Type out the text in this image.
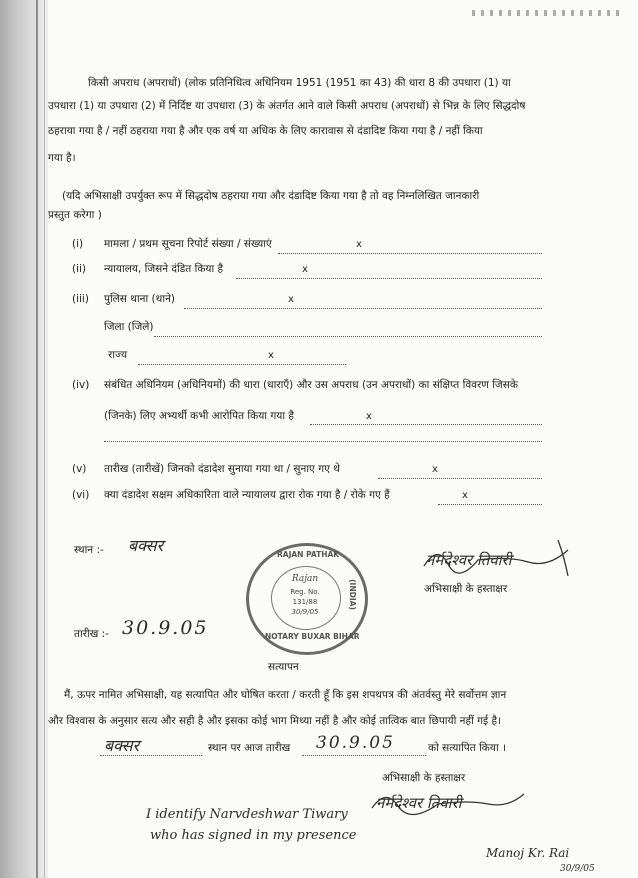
किसी अपराध (अपराधों) (लोक प्रतिनिधित्व अधिनियम 1951 (1951 का 43) की धारा 8 की उपधारा (1) या
उपधारा (1) या उपधारा (2) में निर्दिष्ट या उपधारा (3) के अंतर्गत आने वाले किसी अपराध (अपराधों) से भिन्न के लिए सिद्धदोष
ठहराया गया है / नहीं ठहराया गया है और एक वर्ष या अधिक के लिए कारावास से दंडादिष्ट किया गया है / नहीं किया
गया है।
(यदि अभिसाक्षी उपर्युक्त रूप में सिद्धदोष ठहराया गया और दंडादिष्ट किया गया है तो वह निम्नलिखित जानकारी
प्रस्तुत करेगा )
(i) मामला / प्रथम सूचना रिपोर्ट संख्या / संख्याएं	x
(ii) न्यायालय, जिसने दंडित किया है	x
(iii) पुलिस थाना (थाने)	x
जिला (जिले)
राज्य	x
(iv) संबंधित अधिनियम (अधिनियमों) की धारा (धाराएँ) और उस अपराध (उन अपराधों) का संक्षिप्त विवरण जिसके
(जिनके) लिए अभ्यर्थी कभी आरोपित किया गया है	x
(v) तारीख (तारीखें) जिनको दंडादेश सुनाया गया था / सुनाए गए थे	x
(vi) क्या दंडादेश सक्षम अधिकारिता वाले न्यायालय द्वारा रोक गया है / रोके गए हैं	x
स्थान :- बक्सर
तारीख :- 30.9.05
RAJAN PATHAK
(INDIA)
NOTARY BUXAR BIHAR
Rajan
Reg. No.
131/88
30/9/05
नर्मदेश्वर तिवारी
अभिसाक्षी के हस्ताक्षर
सत्यापन
मैं, ऊपर नामित अभिसाक्षी, यह सत्यापित और घोषित करता / करती हूँ कि इस शपथपत्र की अंतर्वस्तु मेरे सर्वोत्तम ज्ञान
और विश्वास के अनुसार सत्य और सही है और इसका कोई भाग मिथ्या नहीं है और कोई तात्विक बात छिपायी नहीं गई है।
बक्सर	स्थान पर आज तारीख 30.9.05	को सत्यापित किया ।
अभिसाक्षी के हस्ताक्षर
नर्मदेश्वर तिवारी
I identify Narvdeshwar Tiwary
who has signed in my presence
Manoj Kr. Rai
30/9/05
